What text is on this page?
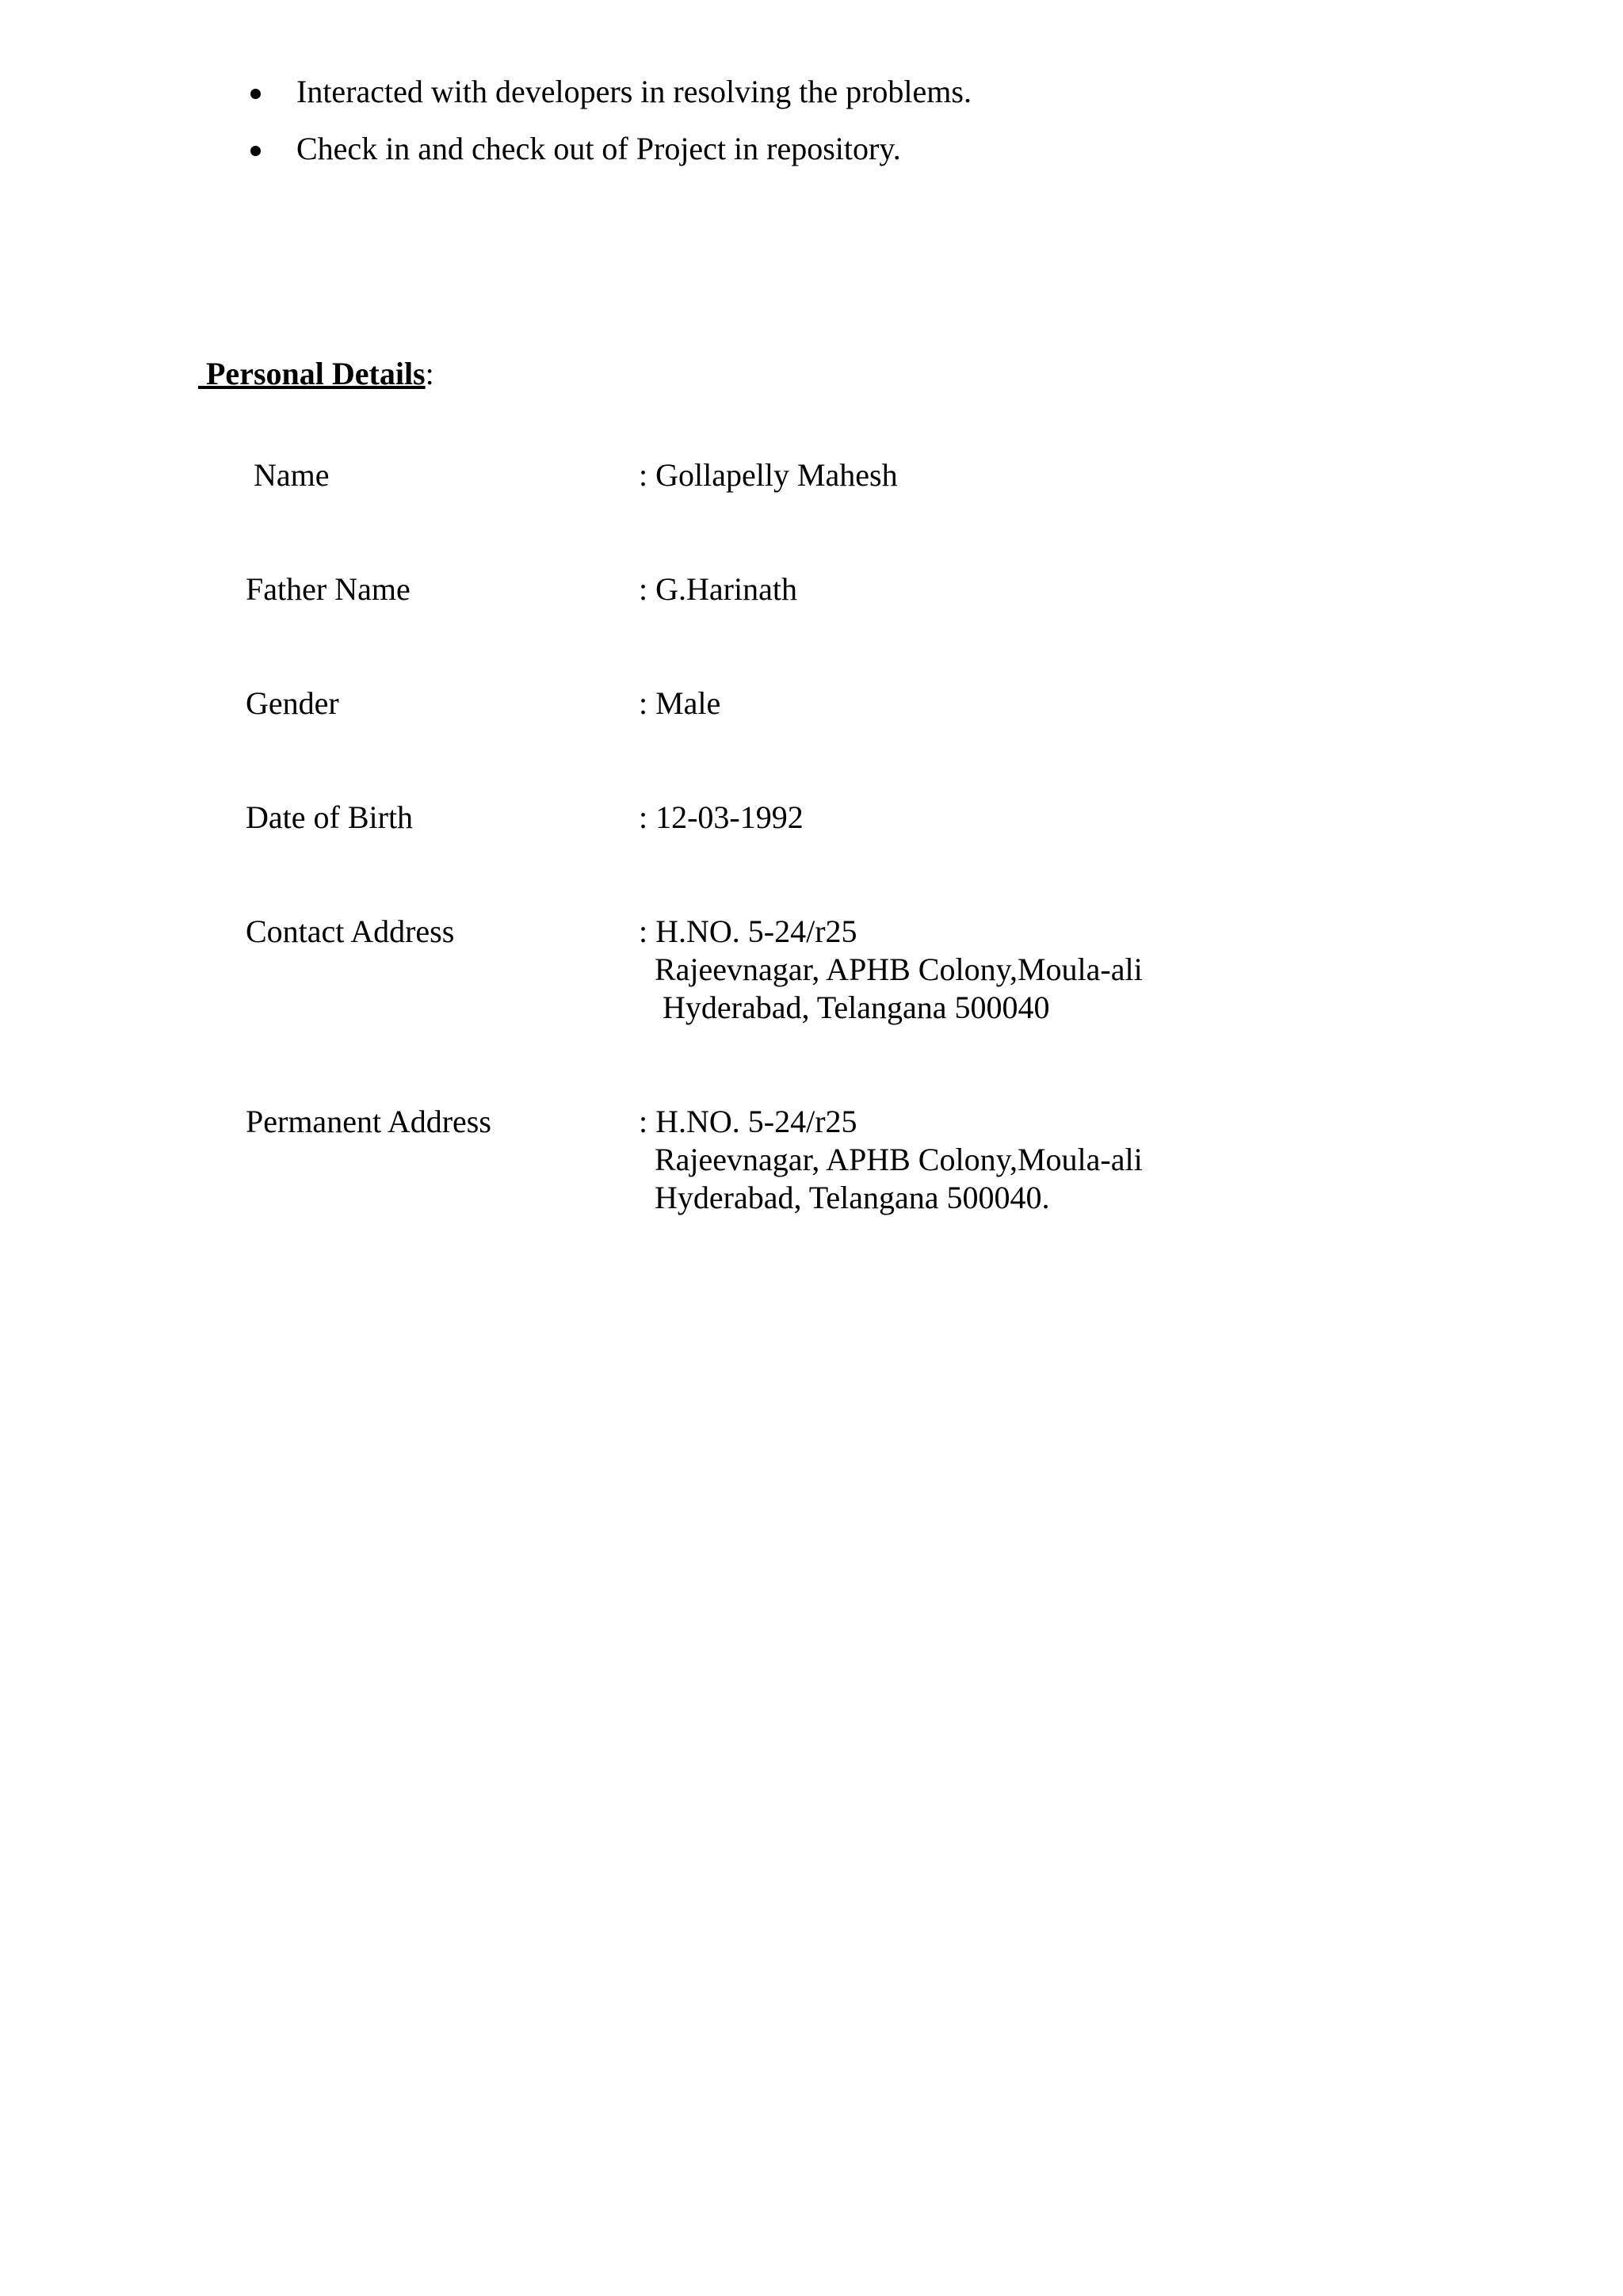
Interacted with developers in resolving the problems.
Check in and check out of Project in repository.
Personal Details:

Name	: Gollapelly Mahesh

Father Name	: G.Harinath

Gender	: Male

Date of Birth	: 12-03-1992

Contact Address	: H.NO. 5-24/r25
Rajeevnagar, APHB Colony,Moula-ali
Hyderabad, Telangana 500040

Permanent Address	: H.NO. 5-24/r25
Rajeevnagar, APHB Colony,Moula-ali
Hyderabad, Telangana 500040.
